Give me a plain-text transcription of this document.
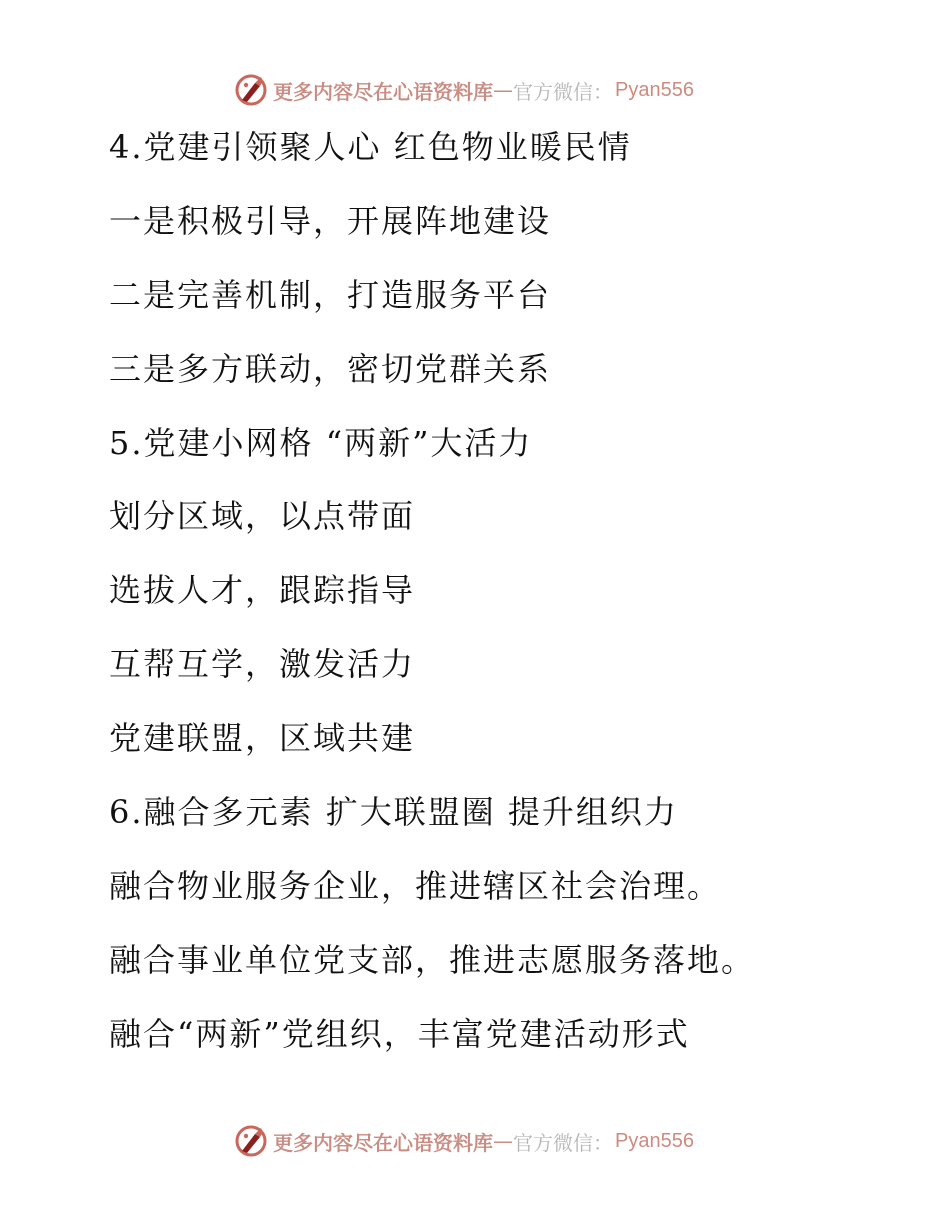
更多内容尽在心语资料库 — 官方微信： Pyan556
4.党建引领聚人心 红色物业暖民情
一是积极引导，开展阵地建设
二是完善机制，打造服务平台
三是多方联动，密切党群关系
5.党建小网格 “两新”大活力
划分区域，以点带面
选拔人才，跟踪指导
互帮互学，激发活力
党建联盟，区域共建
6.融合多元素 扩大联盟圈 提升组织力
融合物业服务企业，推进辖区社会治理。
融合事业单位党支部，推进志愿服务落地。
融合“两新”党组织，丰富党建活动形式
更多内容尽在心语资料库 — 官方微信： Pyan556
